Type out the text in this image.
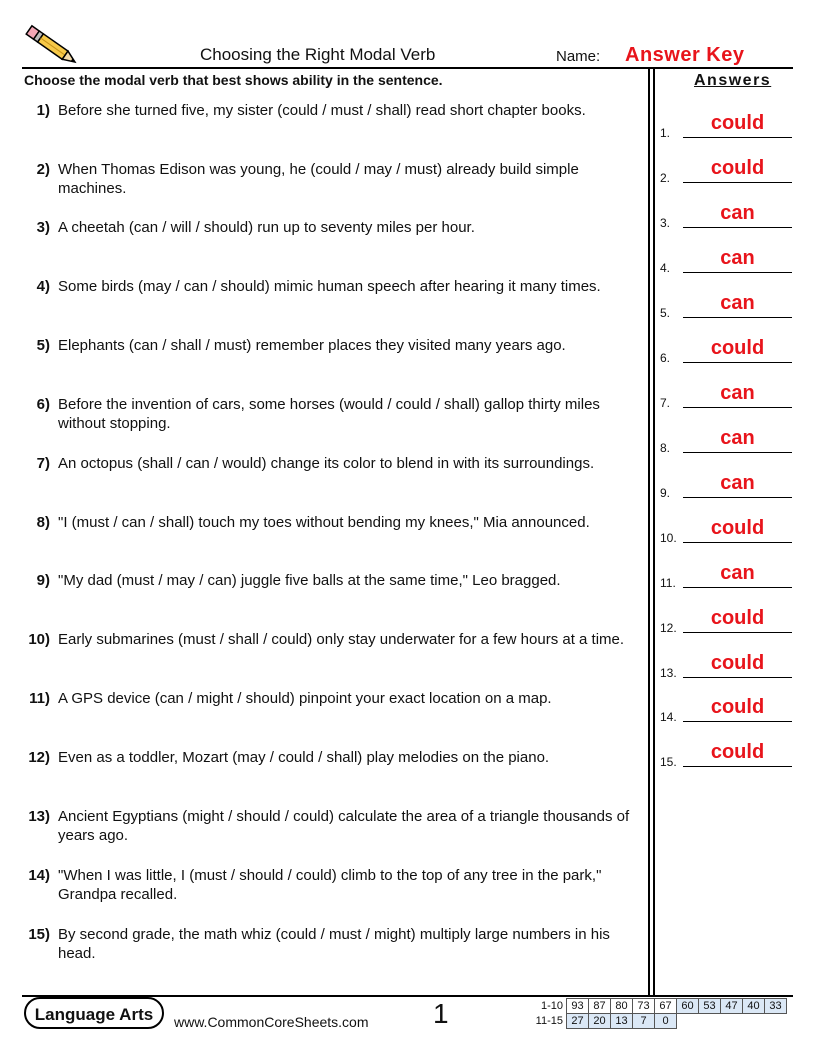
Choosing the Right Modal Verb	Name: Answer Key
Choose the modal verb that best shows ability in the sentence.	Answers
1) Before she turned five, my sister (could / must / shall) read short chapter books.
2) When Thomas Edison was young, he (could / may / must) already build simple machines.
3) A cheetah (can / will / should) run up to seventy miles per hour.
4) Some birds (may / can / should) mimic human speech after hearing it many times.
5) Elephants (can / shall / must) remember places they visited many years ago.
6) Before the invention of cars, some horses (would / could / shall) gallop thirty miles without stopping.
7) An octopus (shall / can / would) change its color to blend in with its surroundings.
8) "I (must / can / shall) touch my toes without bending my knees," Mia announced.
9) "My dad (must / may / can) juggle five balls at the same time," Leo bragged.
10) Early submarines (must / shall / could) only stay underwater for a few hours at a time.
11) A GPS device (can / might / should) pinpoint your exact location on a map.
12) Even as a toddler, Mozart (may / could / shall) play melodies on the piano.
13) Ancient Egyptians (might / should / could) calculate the area of a triangle thousands of years ago.
14) "When I was little, I (must / should / could) climb to the top of any tree in the park," Grandpa recalled.
15) By second grade, the math whiz (could / must / might) multiply large numbers in his head.
1.	could
2.	could
3.	can
4.	can
5.	can
6.	could
7.	can
8.	can
9.	can
10.	could
11.	can
12.	could
13.	could
14.	could
15.	could
Language Arts	www.CommonCoreSheets.com 1	1-10	93	87	80	73	67	60	53	47	40	33
11-15	27	20	13	7	0					
